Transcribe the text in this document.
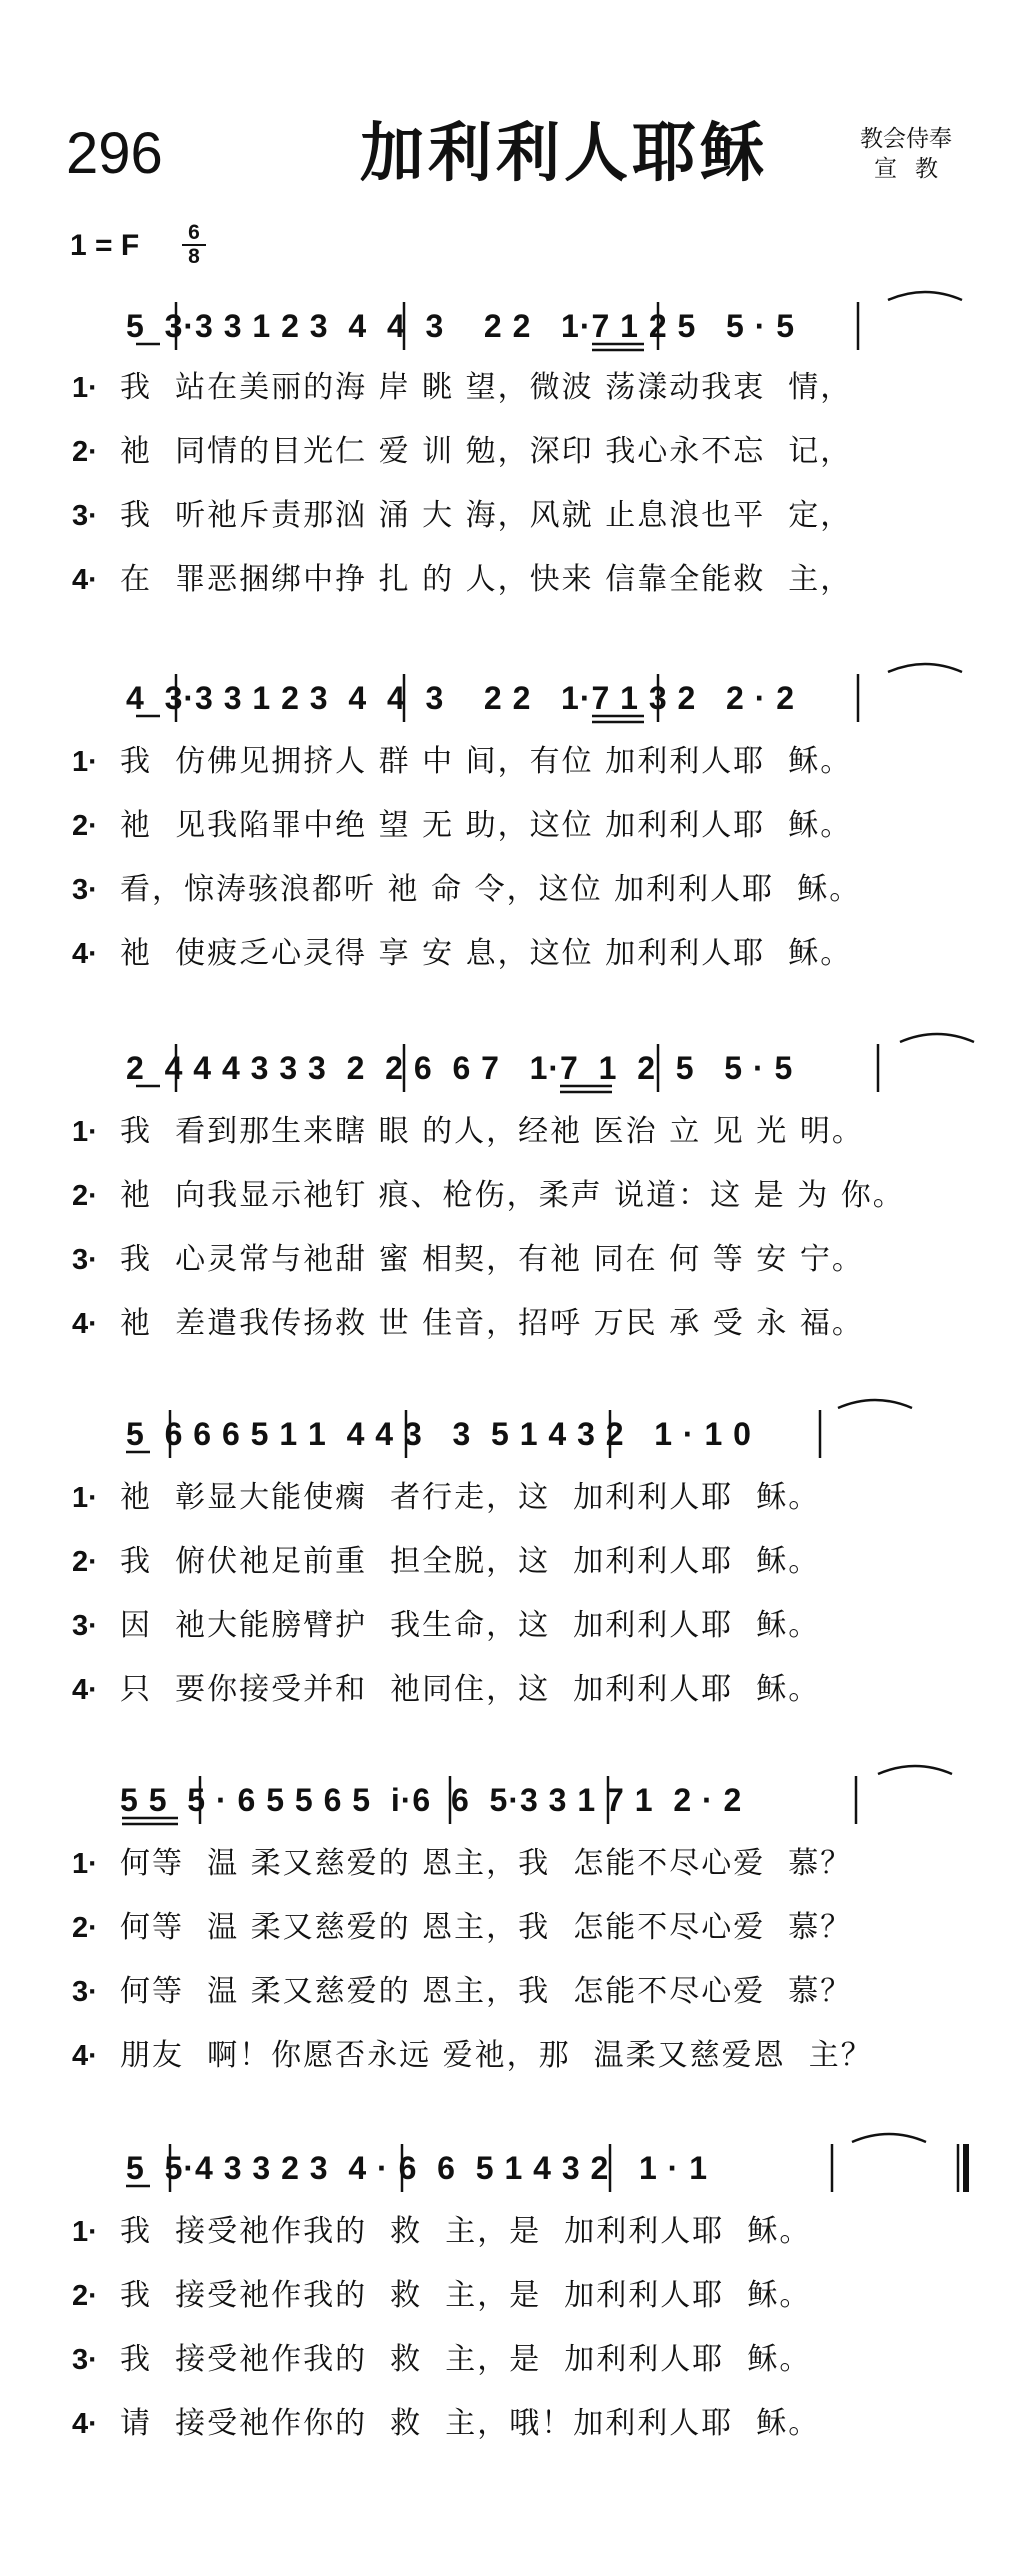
296	加利利人耶稣	教会侍奉
宣教
1 = F 6
8
5  3·3 3 1 2 3  4  4  3    2 2   1·7 1 2 5   5 · 5
1· 我  站在美丽的海 岸 眺 望，微波 荡漾动我衷  情，
2· 祂  同情的目光仁 爱 训 勉，深印 我心永不忘  记，
3· 我  听祂斥责那汹 涌 大 海，风就 止息浪也平  定，
4· 在  罪恶捆绑中挣 扎 的 人，快来 信靠全能救  主，
4  3·3 3 1 2 3  4  4  3    2 2   1·7 1 3 2   2 · 2
1· 我  仿佛见拥挤人 群 中 间，有位 加利利人耶  稣。
2· 祂  见我陷罪中绝 望 无 助，这位 加利利人耶  稣。
3· 看，惊涛骇浪都听 祂 命 令，这位 加利利人耶  稣。
4· 祂  使疲乏心灵得 享 安 息，这位 加利利人耶  稣。
2  4 4 4 3 3 3  2  2 6  6 7   1·7  1  2  5   5 · 5
1· 我  看到那生来瞎 眼 的人，经祂 医治 立 见 光 明。
2· 祂  向我显示祂钉 痕、枪伤，柔声 说道：这 是 为 你。
3· 我  心灵常与祂甜 蜜 相契，有祂 同在 何 等 安 宁。
4· 祂  差遣我传扬救 世 佳音，招呼 万民 承 受 永 福。
5  6 6 6 5 1 1  4 4 3   3  5 1 4 3 2   1 · 1 0
1· 祂  彰显大能使瘸  者行走，这  加利利人耶  稣。
2· 我  俯伏祂足前重  担全脱，这  加利利人耶  稣。
3· 因  祂大能膀臂护  我生命，这  加利利人耶  稣。
4· 只  要你接受并和  祂同住，这  加利利人耶  稣。
5 5  5 · 6 5 5 6 5  i·6  6  5·3 3 1 7 1  2 · 2
1· 何等  温 柔又慈爱的 恩主，我  怎能不尽心爱  慕？
2· 何等  温 柔又慈爱的 恩主，我  怎能不尽心爱  慕？
3· 何等  温 柔又慈爱的 恩主，我  怎能不尽心爱  慕？
4· 朋友  啊！你愿否永远 爱祂，那  温柔又慈爱恩  主？
5  5·4 3 3 2 3  4 · 6  6  5 1 4 3 2   1 · 1
1· 我  接受祂作我的  救  主，是  加利利人耶  稣。
2· 我  接受祂作我的  救  主，是  加利利人耶  稣。
3· 我  接受祂作我的  救  主，是  加利利人耶  稣。
4· 请  接受祂作你的  救  主，哦！加利利人耶  稣。
